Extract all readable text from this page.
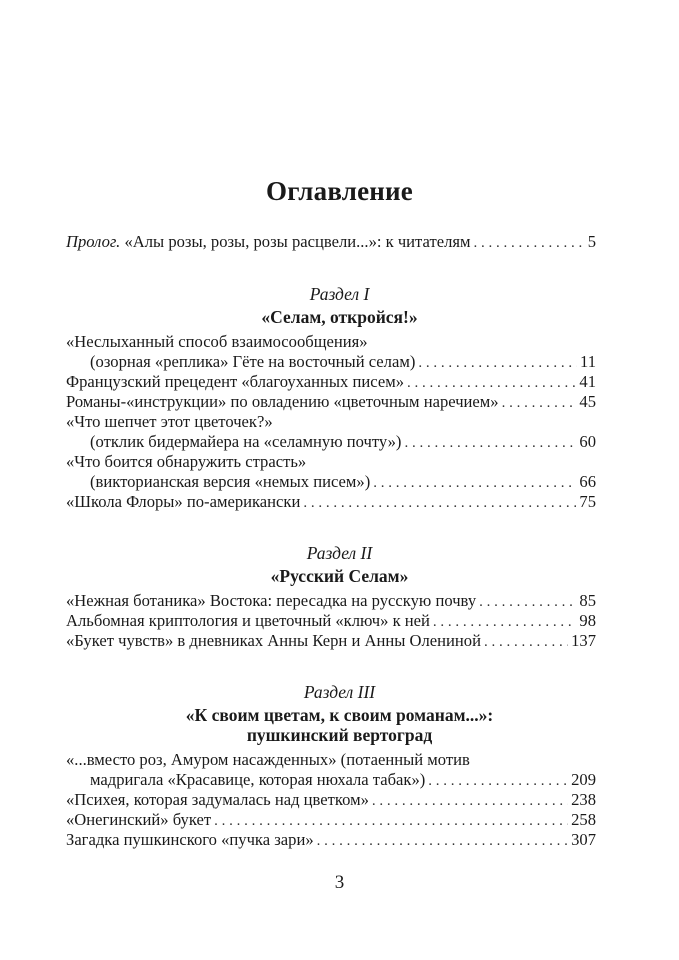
Оглавление
Пролог. «Алы розы, розы, розы расцвели...»: к читателям . . .	5
Раздел I
«Селам, откройся!»
«Неслыханный способ взаимосообщения»
(озорная «реплика» Гёте на восточный селам) . . .	11
Французский прецедент «благоуханных писем» . . .	41
Романы-«инструкции» по овладению «цветочным наречием» . . .	45
«Что шепчет этот цветочек?»
(отклик бидермайера на «селамную почту») . . .	60
«Что боится обнаружить страсть»
(викторианская версия «немых писем») . . .	66
«Школа Флоры» по-американски . . .	75
Раздел II
«Русский Селам»
«Нежная ботаника» Востока: пересадка на русскую почву . . .	85
Альбомная криптология и цветочный «ключ» к ней . . .	98
«Букет чувств» в дневниках Анны Керн и Анны Олениной . . .	137
Раздел III
«К своим цветам, к своим романам...»:
пушкинский вертоград
«...вместо роз, Амуром насажденных» (потаенный мотив
мадригала «Красавице, которая нюхала табак») . . .	209
«Психея, которая задумалась над цветком» . . .	238
«Онегинский» букет . . .	258
Загадка пушкинского «пучка зари» . . .	307
3
